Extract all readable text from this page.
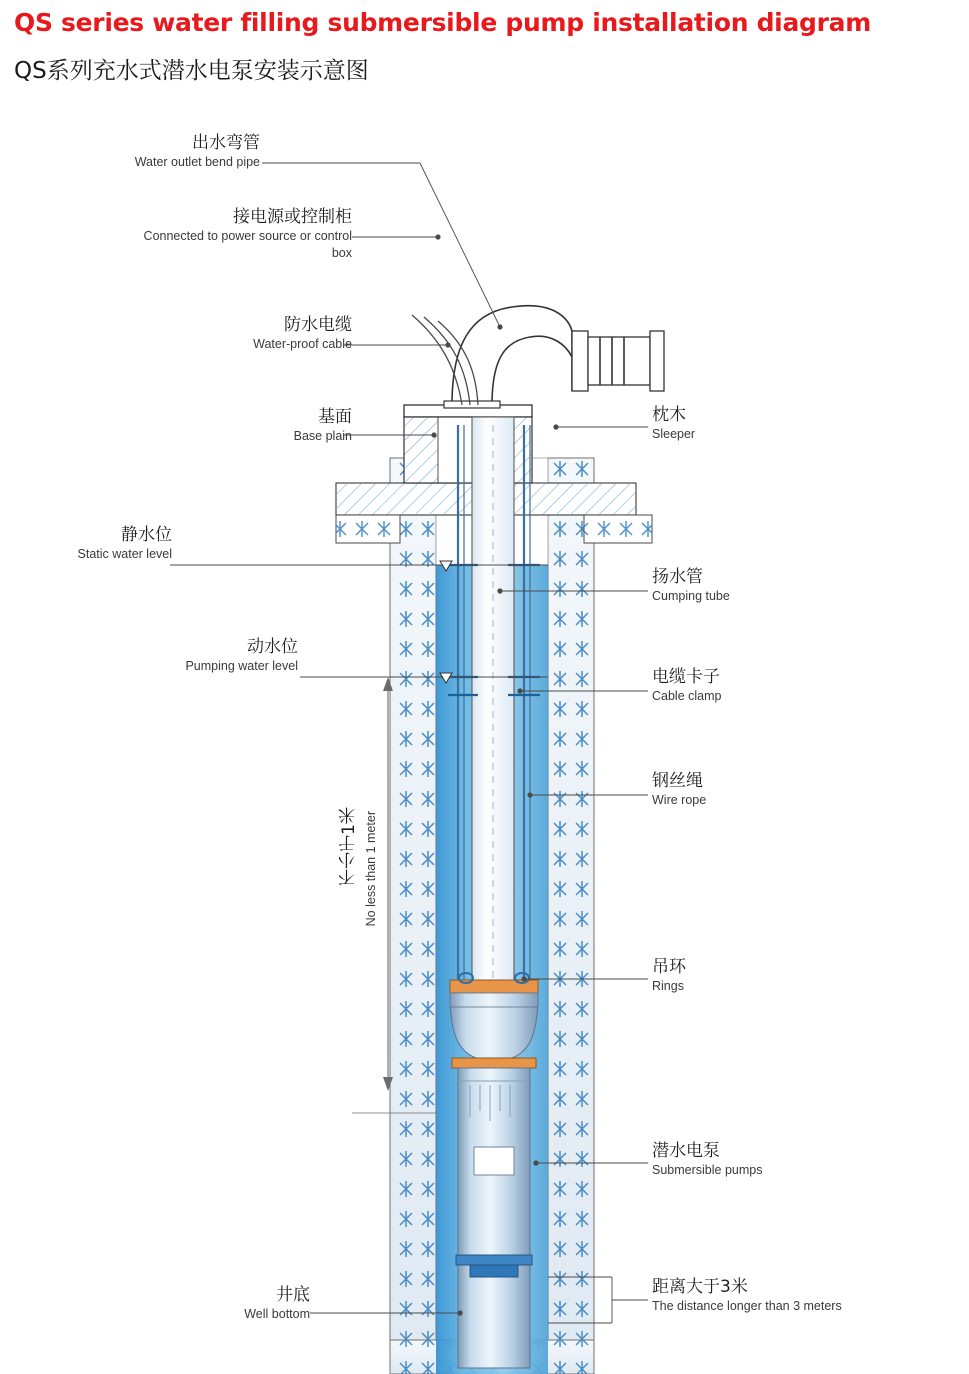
QS series water filling submersible pump installation diagram
QS系列充水式潜水电泵安装示意图
出水弯管
Water outlet bend pipe
接电源或控制柜
Connected to power source or control box
防水电缆
Water-proof cable
基面
Base plain
静水位
Static water level
动水位
Pumping water level
井底
Well bottom
不小于1米 No less than 1 meter
枕木
Sleeper
扬水管
Cumping tube
电缆卡子
Cable clamp
钢丝绳
Wire rope
吊环
Rings
潜水电泵
Submersible pumps
距离大于3米
The distance longer than 3 meters
